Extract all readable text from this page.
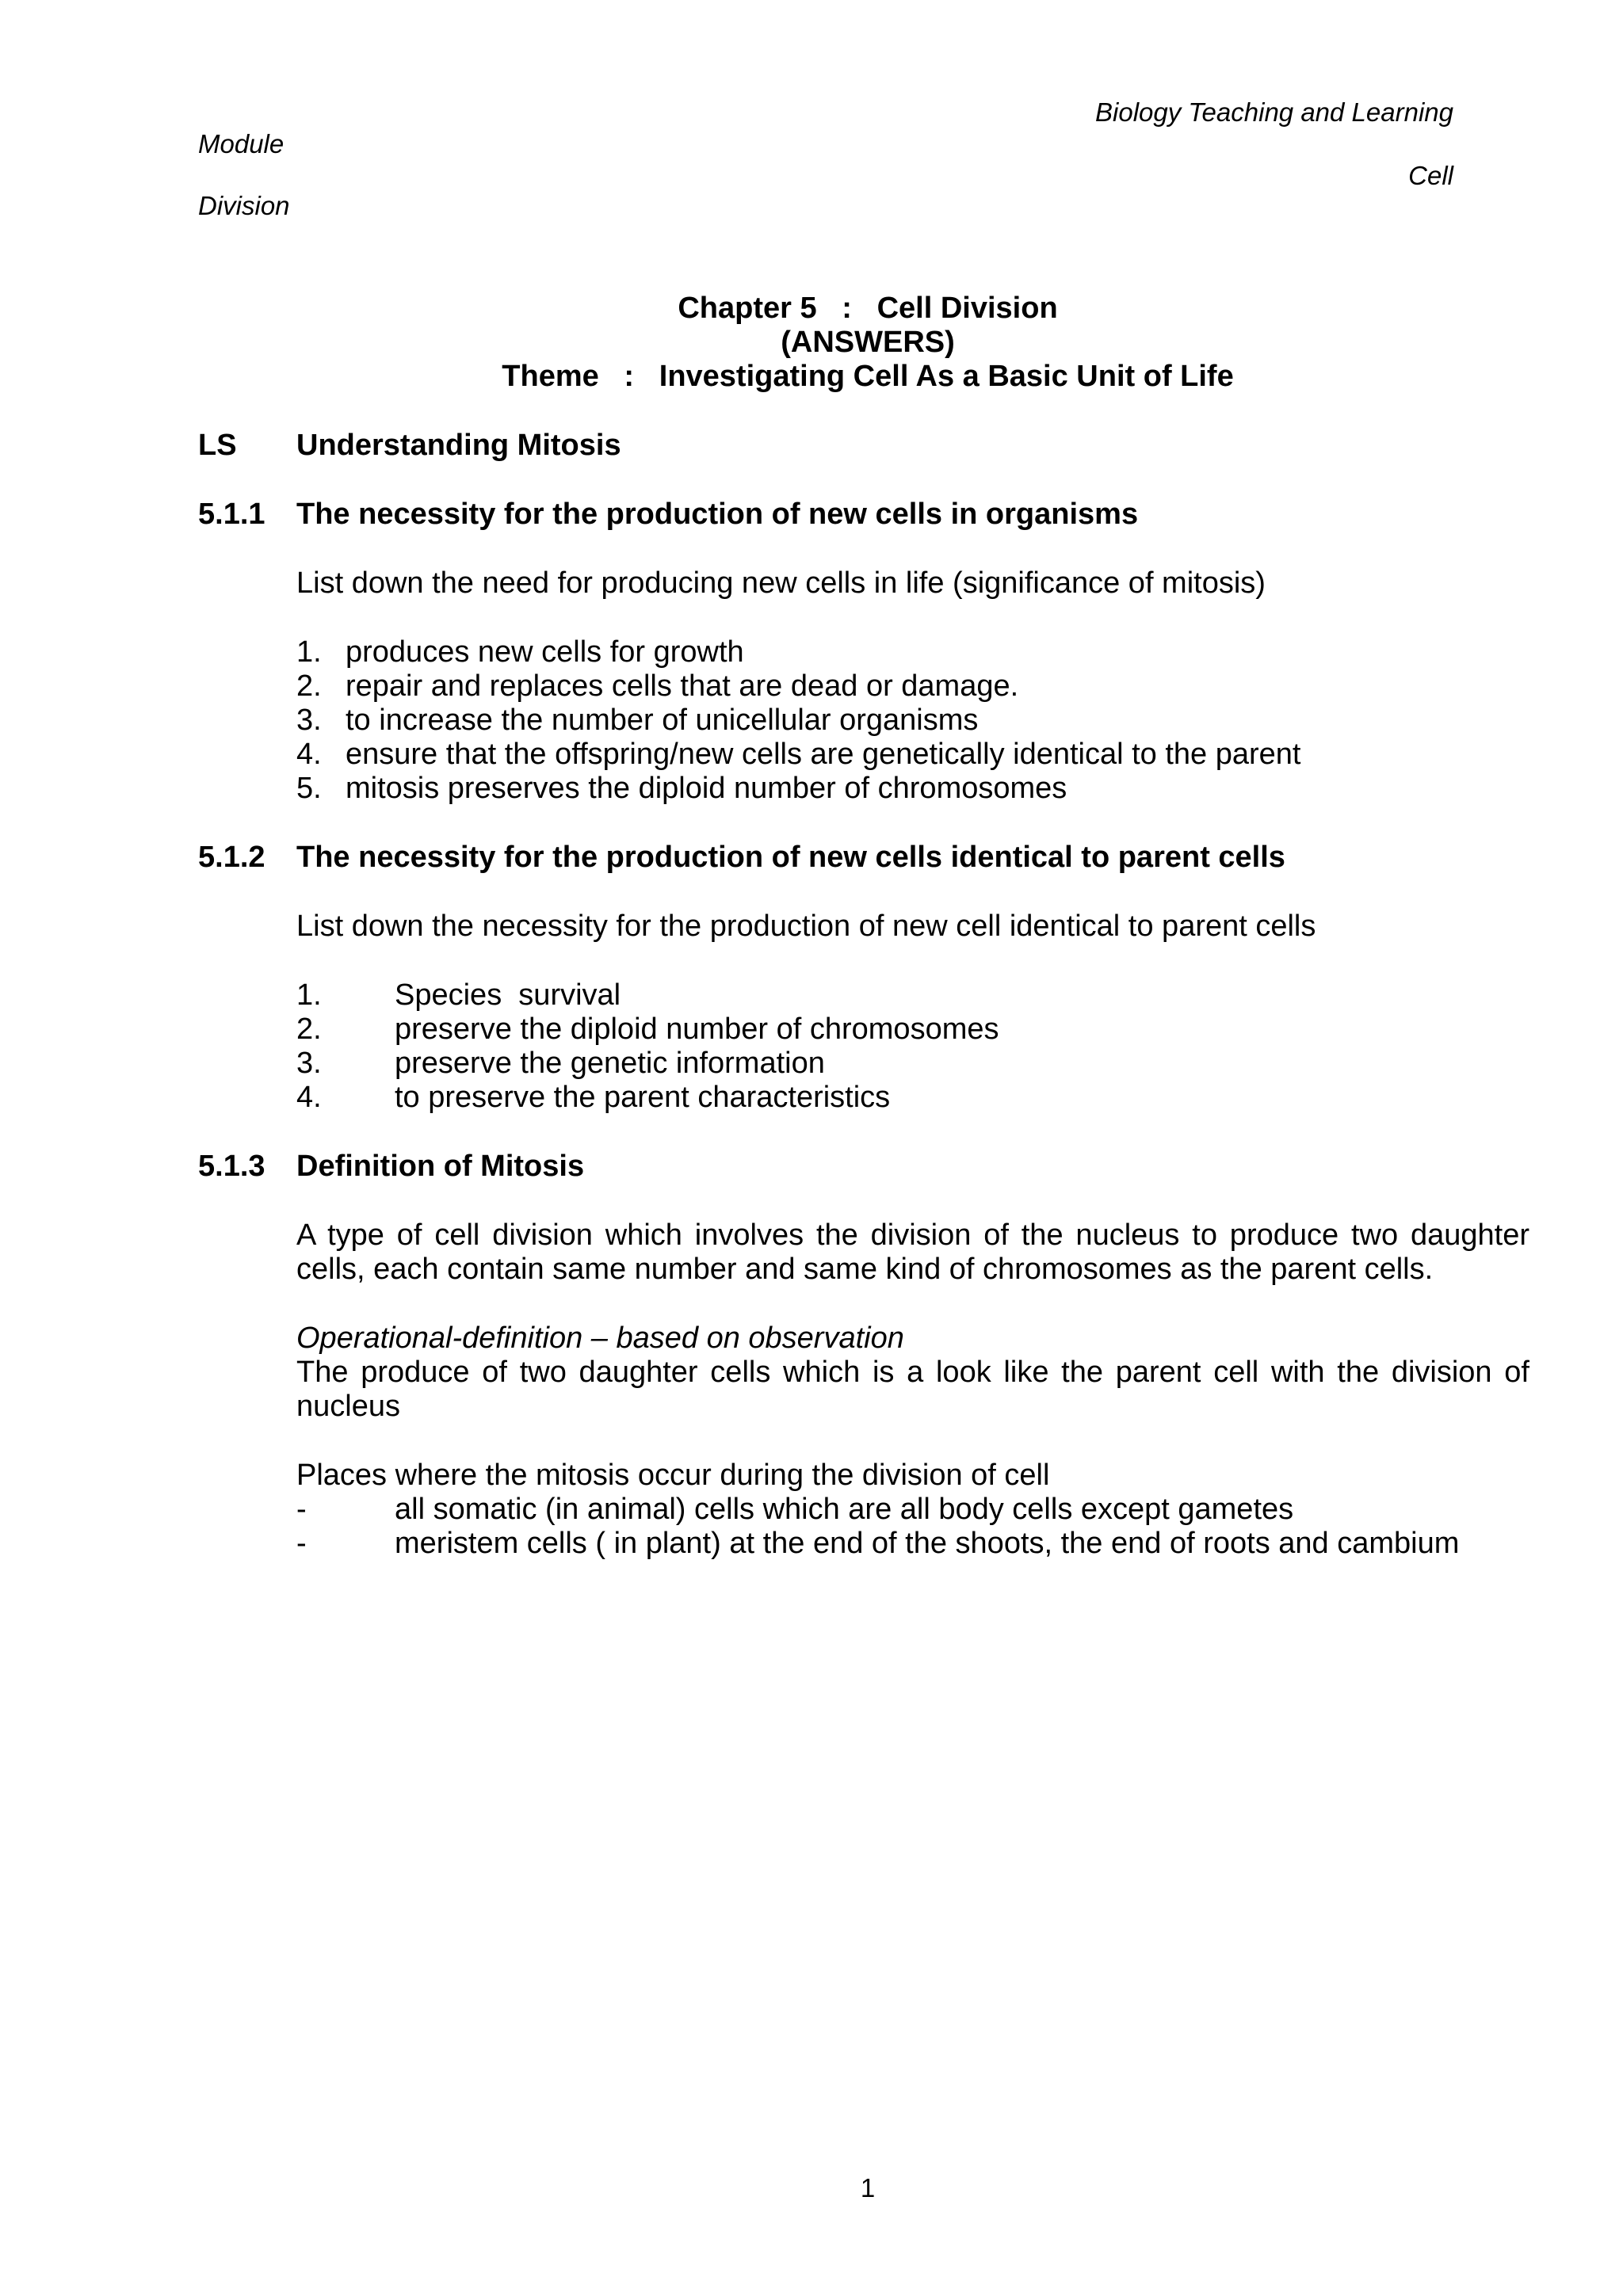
Biology Teaching and Learning
Module
Cell
Division
Chapter 5   :   Cell Division
(ANSWERS)
Theme   :   Investigating Cell As a Basic Unit of Life
LS Understanding Mitosis
5.1.1 The necessity for the production of new cells in organisms
List down the need for producing new cells in life (significance of mitosis)
1. produces new cells for growth
2. repair and replaces cells that are dead or damage.
3. to increase the number of unicellular organisms
4. ensure that the offspring/new cells are genetically identical to the parent
5. mitosis preserves the diploid number of chromosomes
5.1.2 The necessity for the production of new cells identical to parent cells
List down the necessity for the production of new cell identical to parent cells
1. Species  survival
2. preserve the diploid number of chromosomes
3. preserve the genetic information
4. to preserve the parent characteristics
5.1.3 Definition of Mitosis
A type of cell division which involves the division of the nucleus to produce two daughter cells, each contain same number and same kind of chromosomes as the parent cells.
Operational-definition – based on observation
The produce of two daughter cells which is a look like the parent cell with the division of nucleus
Places where the mitosis occur during the division of cell
-	all somatic (in animal) cells which are all body cells except gametes
-	meristem cells ( in plant) at the end of the shoots, the end of roots and cambium
1
